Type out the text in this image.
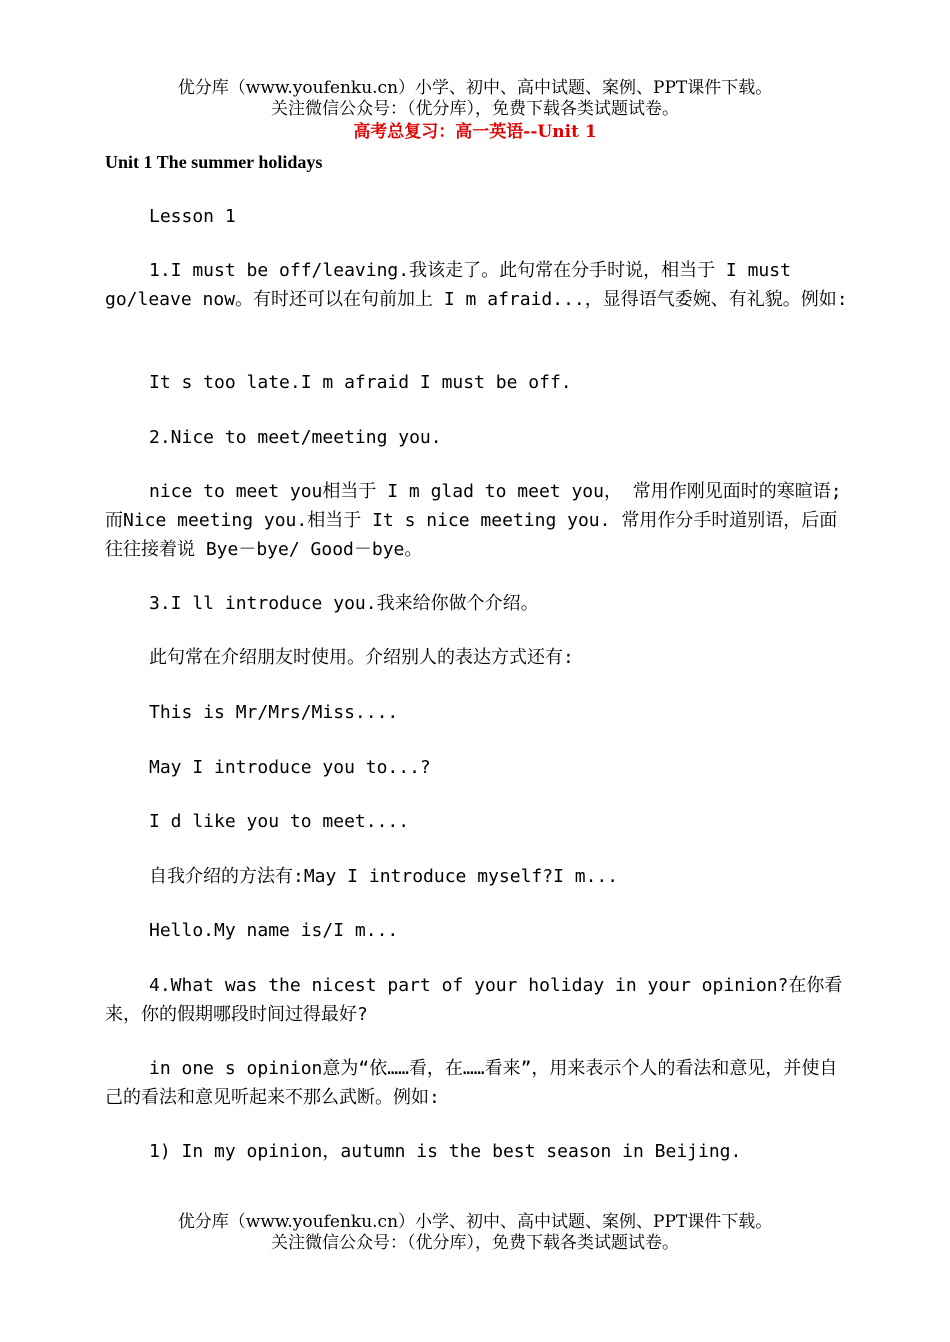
优分库（www.youfenku.cn）小学、初中、高中试题、案例、PPT课件下载。
关注微信公众号：（优分库），免费下载各类试题试卷。
高考总复习：高一英语--Unit 1
Unit 1 The summer holidays

Lesson 1

1.I must be off/leaving.我该走了。此句常在分手时说，相当于 I must go/leave now。有时还可以在句前加上 I m afraid...，显得语气委婉、有礼貌。例如:

It s too late.I m afraid I must be off.

2.Nice to meet/meeting you.

nice to meet you相当于 I m glad to meet you， 常用作刚见面时的寒暄语;而Nice meeting you.相当于 It s nice meeting you. 常用作分手时道别语，后面往往接着说 Bye－bye/ Good－bye。

3.I ll introduce you.我来给你做个介绍。

此句常在介绍朋友时使用。介绍别人的表达方式还有:

This is Mr/Mrs/Miss....

May I introduce you to...?

I d like you to meet....

自我介绍的方法有:May I introduce myself?I m...

Hello.My name is/I m...

4.What was the nicest part of your holiday in your opinion?在你看来，你的假期哪段时间过得最好?

in one s opinion意为“依……看，在……看来”，用来表示个人的看法和意见，并使自己的看法和意见听起来不那么武断。例如:

1) In my opinion，autumn is the best season in Beijing.

优分库（www.youfenku.cn）小学、初中、高中试题、案例、PPT课件下载。
关注微信公众号：（优分库），免费下载各类试题试卷。
